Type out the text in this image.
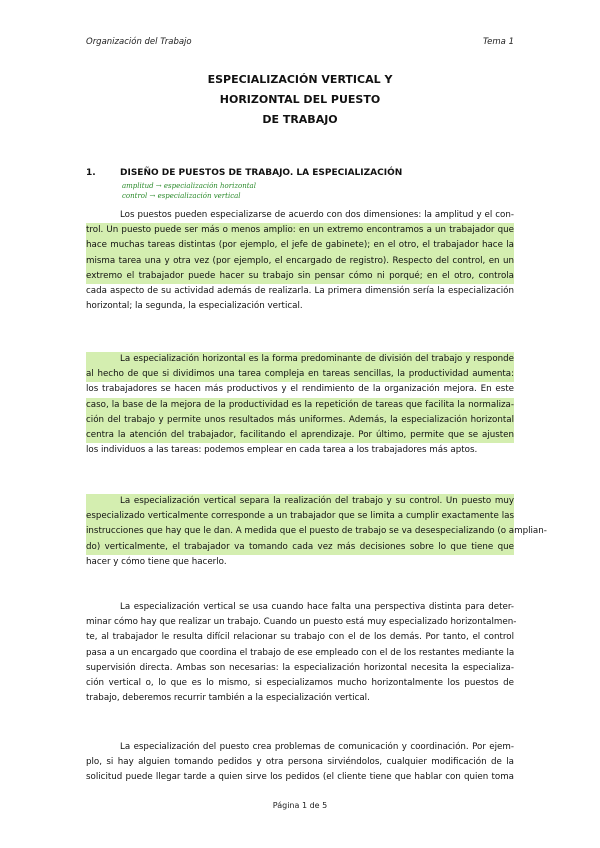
Organización del Trabajo	Tema 1
ESPECIALIZACIÓN VERTICAL Y
HORIZONTAL DEL PUESTO
DE TRABAJO
1.	DISEÑO DE PUESTOS DE TRABAJO. LA ESPECIALIZACIÓN
amplitud → especialización horizontal
control → especialización vertical
Los puestos pueden especializarse de acuerdo con dos dimensiones: la amplitud y el con-
trol. Un puesto puede ser más o menos amplio: en un extremo encontramos a un trabajador que
hace muchas tareas distintas (por ejemplo, el jefe de gabinete); en el otro, el trabajador hace la
misma tarea una y otra vez (por ejemplo, el encargado de registro). Respecto del control, en un
extremo el trabajador puede hacer su trabajo sin pensar cómo ni porqué; en el otro, controla
cada aspecto de su actividad además de realizarla. La primera dimensión sería la especialización
horizontal; la segunda, la especialización vertical.
La especialización horizontal es la forma predominante de división del trabajo y responde
al hecho de que si dividimos una tarea compleja en tareas sencillas, la productividad aumenta:
los trabajadores se hacen más productivos y el rendimiento de la organización mejora. En este
caso, la base de la mejora de la productividad es la repetición de tareas que facilita la normaliza-
ción del trabajo y permite unos resultados más uniformes. Además, la especialización horizontal
centra la atención del trabajador, facilitando el aprendizaje. Por último, permite que se ajusten
los individuos a las tareas: podemos emplear en cada tarea a los trabajadores más aptos.
La especialización vertical separa la realización del trabajo y su control. Un puesto muy
especializado verticalmente corresponde a un trabajador que se limita a cumplir exactamente las
instrucciones que hay que le dan. A medida que el puesto de trabajo se va desespecializando (o amplian-
do) verticalmente, el trabajador va tomando cada vez más decisiones sobre lo que tiene que
hacer y cómo tiene que hacerlo.
La especialización vertical se usa cuando hace falta una perspectiva distinta para deter-
minar cómo hay que realizar un trabajo. Cuando un puesto está muy especializado horizontalmen-
te, al trabajador le resulta difícil relacionar su trabajo con el de los demás. Por tanto, el control
pasa a un encargado que coordina el trabajo de ese empleado con el de los restantes mediante la
supervisión directa. Ambas son necesarias: la especialización horizontal necesita la especializa-
ción vertical o, lo que es lo mismo, si especializamos mucho horizontalmente los puestos de
trabajo, deberemos recurrir también a la especialización vertical.
La especialización del puesto crea problemas de comunicación y coordinación. Por ejem-
plo, si hay alguien tomando pedidos y otra persona sirviéndolos, cualquier modificación de la
solicitud puede llegar tarde a quien sirve los pedidos (el cliente tiene que hablar con quien toma
Página 1 de 5
